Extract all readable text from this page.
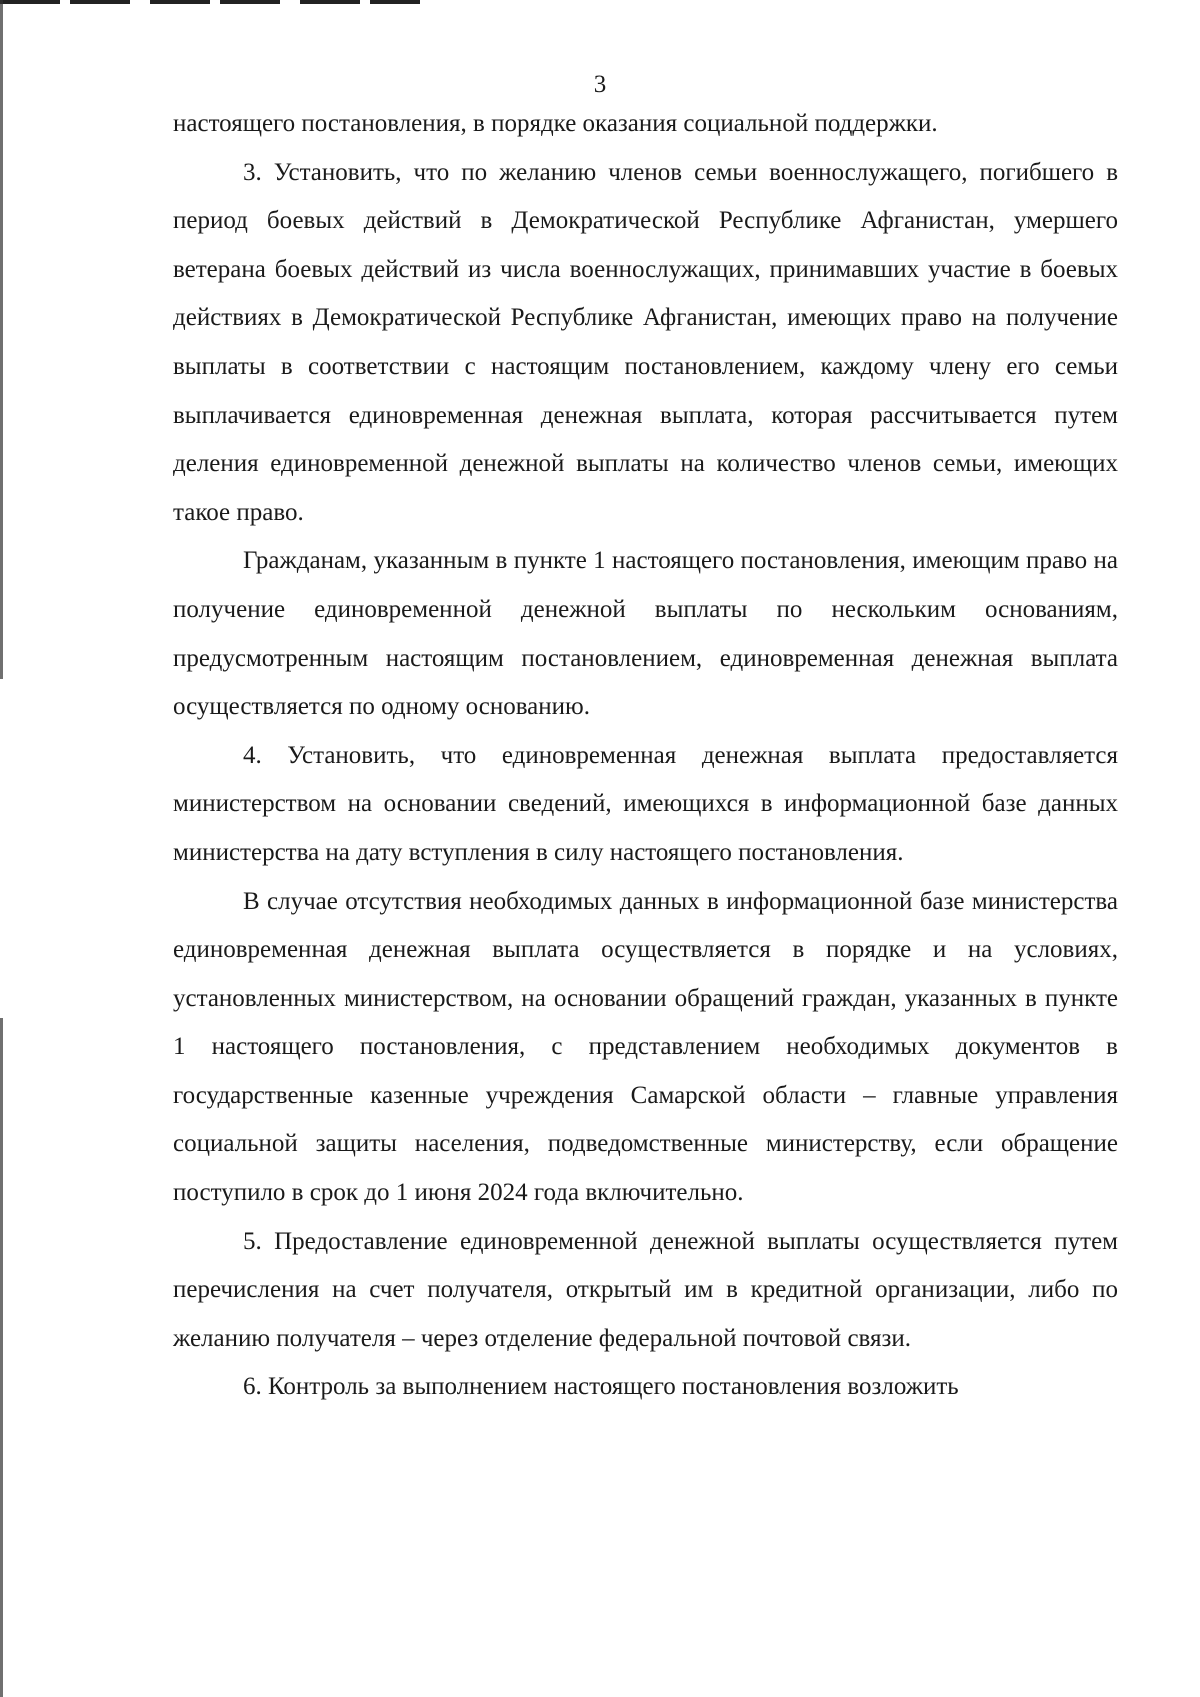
3

настоящего постановления, в порядке оказания социальной поддержки.

3. Установить, что по желанию членов семьи военнослужащего, погибшего в период боевых действий в Демократической Республике Афганистан, умершего ветерана боевых действий из числа военнослужащих, принимавших участие в боевых действиях в Демократической Республике Афганистан, имеющих право на получение выплаты в соответствии с настоящим постановлением, каждому члену его семьи выплачивается единовременная денежная выплата, которая рассчитывается путем деления единовременной денежной выплаты на количество членов семьи, имеющих такое право.

Гражданам, указанным в пункте 1 настоящего постановления, имеющим право на получение единовременной денежной выплаты по нескольким основаниям, предусмотренным настоящим постановлением, единовременная денежная выплата осуществляется по одному основанию.

4. Установить, что единовременная денежная выплата предоставляется министерством на основании сведений, имеющихся в информационной базе данных министерства на дату вступления в силу настоящего постановления.

В случае отсутствия необходимых данных в информационной базе министерства единовременная денежная выплата осуществляется в порядке и на условиях, установленных министерством, на основании обращений граждан, указанных в пункте 1 настоящего постановления, с представлением необходимых документов в государственные казенные учреждения Самарской области – главные управления социальной защиты населения, подведомственные министерству, если обращение поступило в срок до 1 июня 2024 года включительно.

5. Предоставление единовременной денежной выплаты осуществляется путем перечисления на счет получателя, открытый им в кредитной организации, либо по желанию получателя – через отделение федеральной почтовой связи.

6. Контроль за выполнением настоящего постановления возложить
